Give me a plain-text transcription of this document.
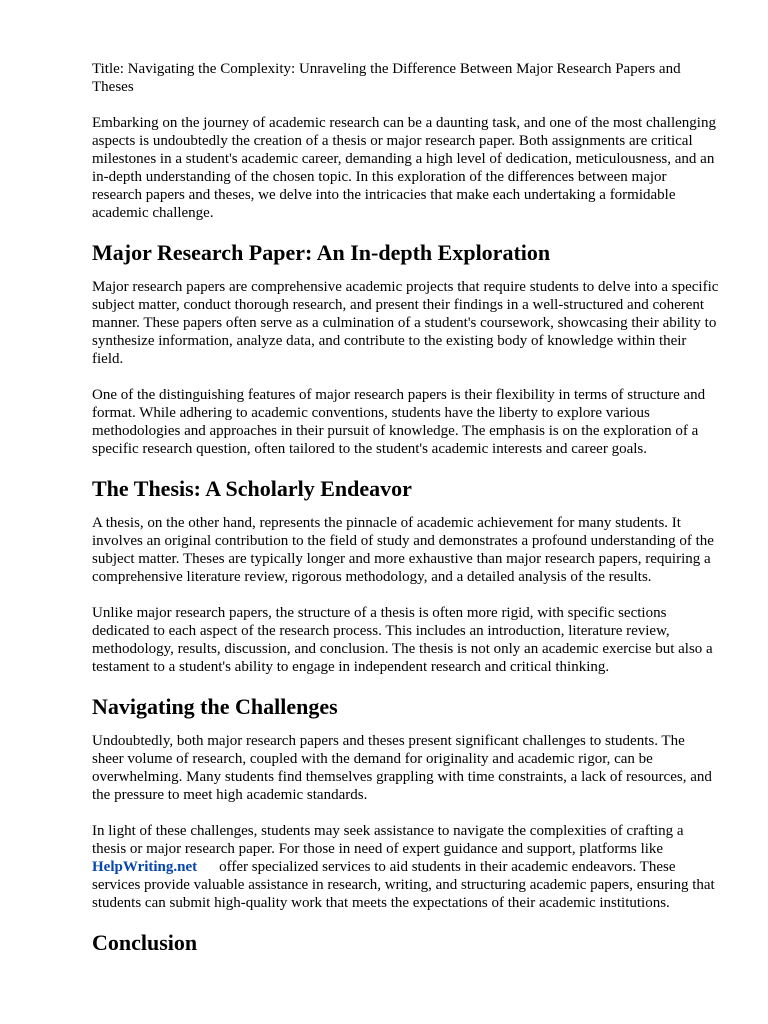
Title: Navigating the Complexity: Unraveling the Difference Between Major Research Papers and Theses

Embarking on the journey of academic research can be a daunting task, and one of the most challenging aspects is undoubtedly the creation of a thesis or major research paper. Both assignments are critical milestones in a student's academic career, demanding a high level of dedication, meticulousness, and an in-depth understanding of the chosen topic. In this exploration of the differences between major research papers and theses, we delve into the intricacies that make each undertaking a formidable academic challenge.

Major Research Paper: An In-depth Exploration

Major research papers are comprehensive academic projects that require students to delve into a specific subject matter, conduct thorough research, and present their findings in a well-structured and coherent manner. These papers often serve as a culmination of a student's coursework, showcasing their ability to synthesize information, analyze data, and contribute to the existing body of knowledge within their field.

One of the distinguishing features of major research papers is their flexibility in terms of structure and format. While adhering to academic conventions, students have the liberty to explore various methodologies and approaches in their pursuit of knowledge. The emphasis is on the exploration of a specific research question, often tailored to the student's academic interests and career goals.

The Thesis: A Scholarly Endeavor

A thesis, on the other hand, represents the pinnacle of academic achievement for many students. It involves an original contribution to the field of study and demonstrates a profound understanding of the subject matter. Theses are typically longer and more exhaustive than major research papers, requiring a comprehensive literature review, rigorous methodology, and a detailed analysis of the results.

Unlike major research papers, the structure of a thesis is often more rigid, with specific sections dedicated to each aspect of the research process. This includes an introduction, literature review, methodology, results, discussion, and conclusion. The thesis is not only an academic exercise but also a testament to a student's ability to engage in independent research and critical thinking.

Navigating the Challenges

Undoubtedly, both major research papers and theses present significant challenges to students. The sheer volume of research, coupled with the demand for originality and academic rigor, can be overwhelming. Many students find themselves grappling with time constraints, a lack of resources, and the pressure to meet high academic standards.

In light of these challenges, students may seek assistance to navigate the complexities of crafting a thesis or major research paper. For those in need of expert guidance and support, platforms like HelpWriting.net offer specialized services to aid students in their academic endeavors. These services provide valuable assistance in research, writing, and structuring academic papers, ensuring that students can submit high-quality work that meets the expectations of their academic institutions.

Conclusion
